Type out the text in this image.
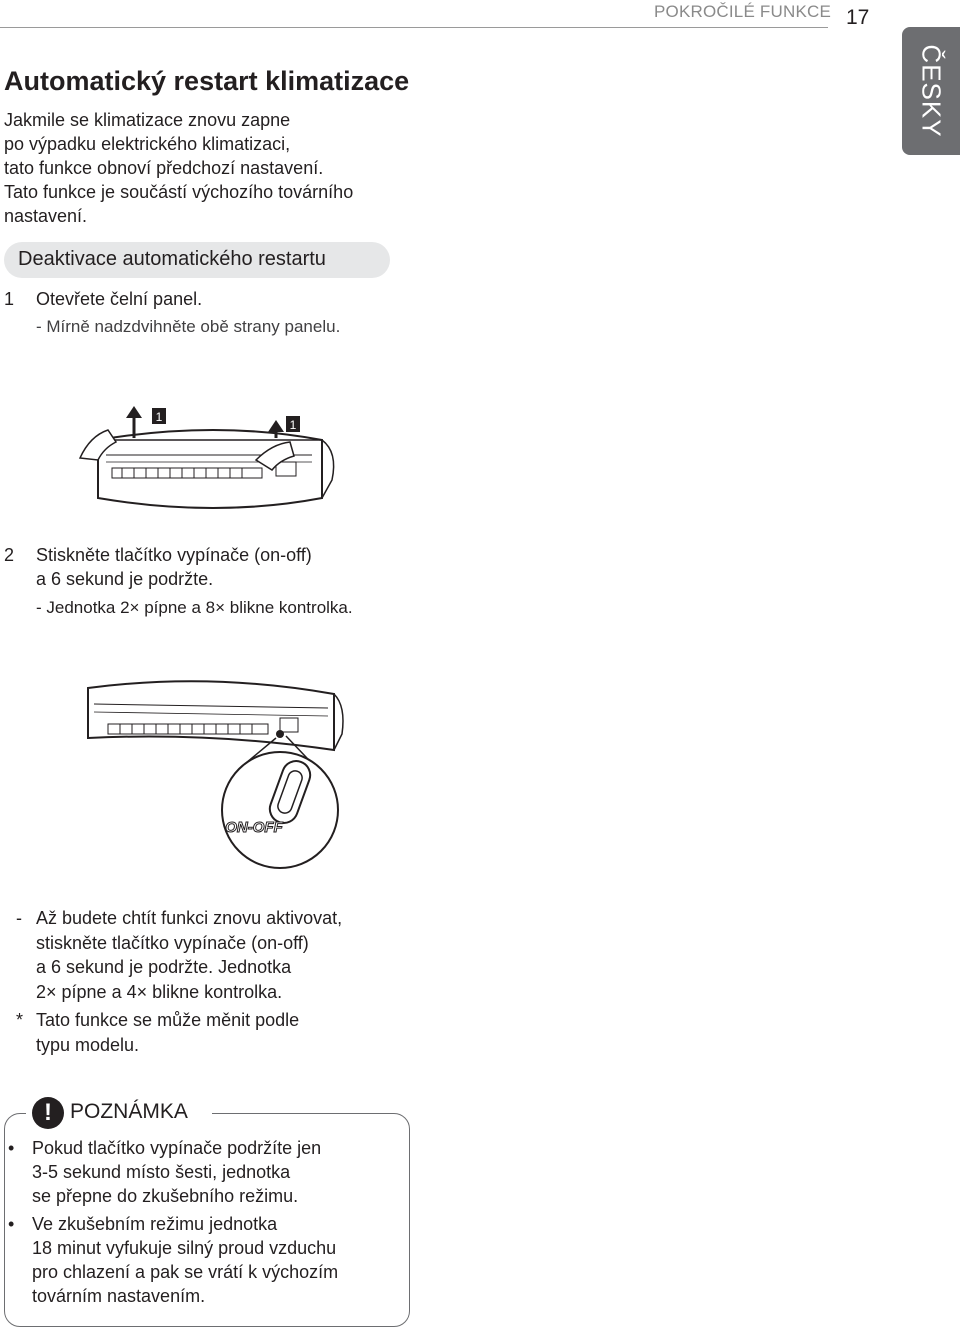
POKROČILÉ FUNKCE 17
ČESKY
Automatický restart klimatizace
Jakmile se klimatizace znovu zapne
po výpadku elektrického klimatizaci,
tato funkce obnoví předchozí nastavení.
Tato funkce je součástí výchozího továrního
nastavení.
Deaktivace automatického restartu
1 Otevřete čelní panel.
- Mírně nadzdvihněte obě strany panelu.
1
1
2 Stiskněte tlačítko vypínače (on-off)
a 6 sekund je podržte.
- Jednotka 2× pípne a 8× blikne kontrolka.
ON-OFF
- Až budete chtít funkci znovu aktivovat,
stiskněte tlačítko vypínače (on-off)
a 6 sekund je podržte. Jednotka
2× pípne a 4× blikne kontrolka.
* Tato funkce se může měnit podle
typu modelu.
! POZNÁMKA
• Pokud tlačítko vypínače podržíte jen
3-5 sekund místo šesti, jednotka
se přepne do zkušebního režimu.
• Ve zkušebním režimu jednotka
18 minut vyfukuje silný proud vzduchu
pro chlazení a pak se vrátí k výchozím
továrním nastavením.
